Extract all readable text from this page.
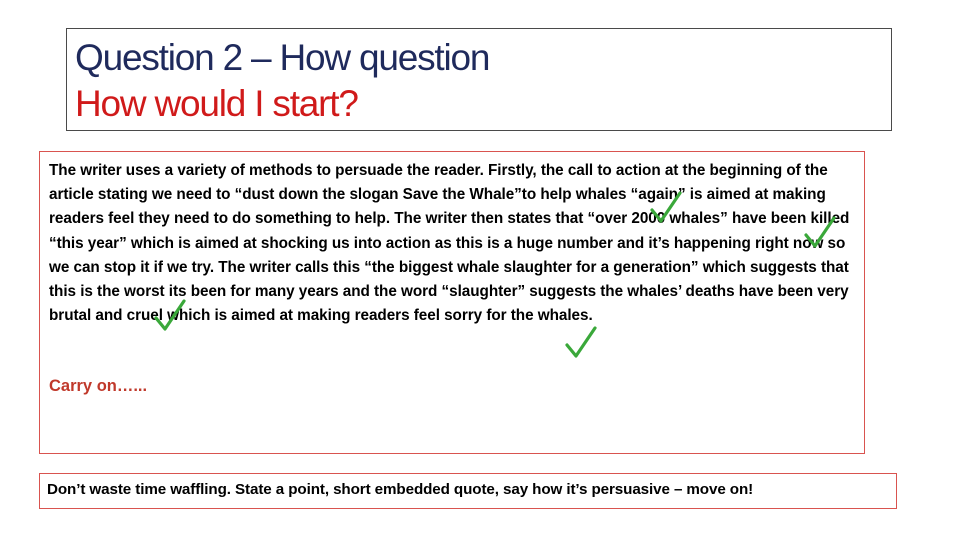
Question 2 – How question
How would I start?

The writer uses a variety of methods to persuade the reader. Firstly, the call to action at the beginning of the article stating we need to “dust down the slogan Save the Whale”to help whales “again” is aimed at making readers feel they need to do something to help. The writer then states that “over 2000 whales” have been killed “this year” which is aimed at shocking us into action as this is a huge number and it’s happening right now so we can stop it if we try. The writer calls this “the biggest whale slaughter for a generation” which suggests that this is the worst its been for many years and the word “slaughter” suggests the whales’ deaths have been very brutal and cruel which is aimed at making readers feel sorry for the whales.

Carry on…...

Don’t waste time waffling. State a point, short embedded quote, say how it’s persuasive – move on!
